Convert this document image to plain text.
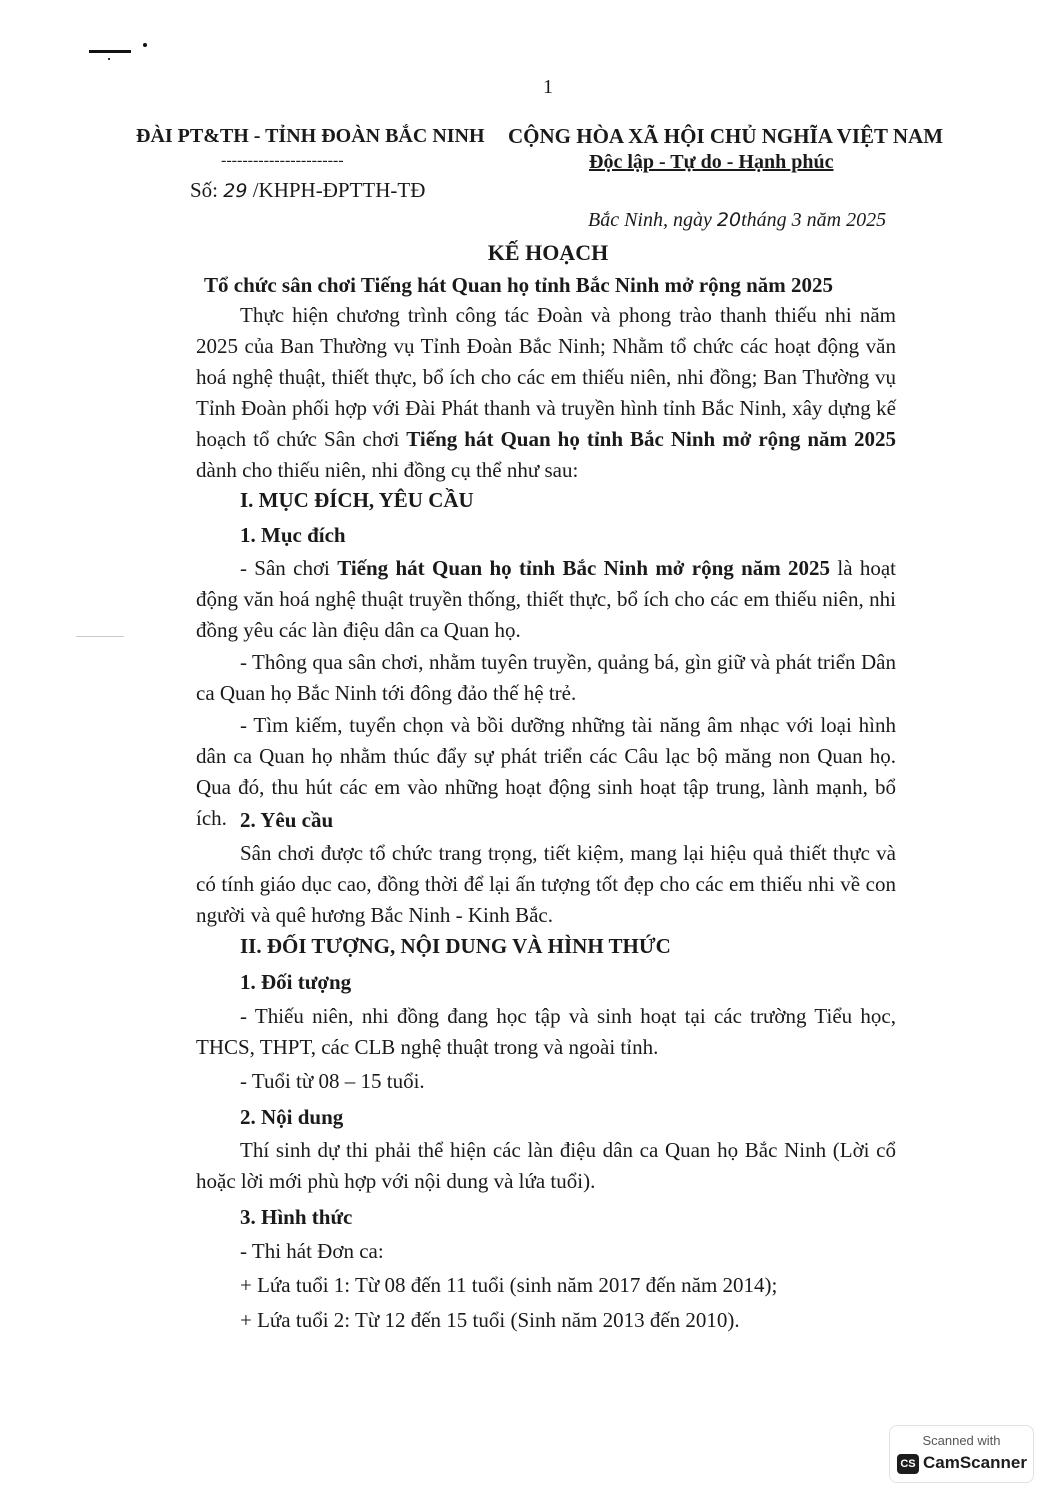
1
ĐÀI PT&TH - TỈNH ĐOÀN BẮC NINH
-----------------------
Số: 29 /KHPH-ĐPTTH-TĐ
CỘNG HÒA XÃ HỘI CHỦ NGHĨA VIỆT NAM
Độc lập - Tự do - Hạnh phúc
Bắc Ninh, ngày 20tháng 3 năm 2025
KẾ HOẠCH
Tổ chức sân chơi Tiếng hát Quan họ tỉnh Bắc Ninh mở rộng năm 2025
Thực hiện chương trình công tác Đoàn và phong trào thanh thiếu nhi năm 2025 của Ban Thường vụ Tỉnh Đoàn Bắc Ninh; Nhằm tổ chức các hoạt động văn hoá nghệ thuật, thiết thực, bổ ích cho các em thiếu niên, nhi đồng; Ban Thường vụ Tỉnh Đoàn phối hợp với Đài Phát thanh và truyền hình tỉnh Bắc Ninh, xây dựng kế hoạch tổ chức Sân chơi Tiếng hát Quan họ tỉnh Bắc Ninh mở rộng năm 2025 dành cho thiếu niên, nhi đồng cụ thể như sau:
I. MỤC ĐÍCH, YÊU CẦU
1. Mục đích
- Sân chơi Tiếng hát Quan họ tỉnh Bắc Ninh mở rộng năm 2025 là hoạt động văn hoá nghệ thuật truyền thống, thiết thực, bổ ích cho các em thiếu niên, nhi đồng yêu các làn điệu dân ca Quan họ.
- Thông qua sân chơi, nhằm tuyên truyền, quảng bá, gìn giữ và phát triển Dân ca Quan họ Bắc Ninh tới đông đảo thế hệ trẻ.
- Tìm kiếm, tuyển chọn và bồi dưỡng những tài năng âm nhạc với loại hình dân ca Quan họ nhằm thúc đẩy sự phát triển các Câu lạc bộ măng non Quan họ. Qua đó, thu hút các em vào những hoạt động sinh hoạt tập trung, lành mạnh, bổ ích. 2. Yêu cầu
Sân chơi được tổ chức trang trọng, tiết kiệm, mang lại hiệu quả thiết thực và có tính giáo dục cao, đồng thời để lại ấn tượng tốt đẹp cho các em thiếu nhi về con người và quê hương Bắc Ninh - Kinh Bắc.
II. ĐỐI TƯỢNG, NỘI DUNG VÀ HÌNH THỨC
1. Đối tượng
- Thiếu niên, nhi đồng đang học tập và sinh hoạt tại các trường Tiểu học, THCS, THPT, các CLB nghệ thuật trong và ngoài tỉnh.
- Tuổi từ 08 – 15 tuổi.
2. Nội dung
Thí sinh dự thi phải thể hiện các làn điệu dân ca Quan họ Bắc Ninh (Lời cổ hoặc lời mới phù hợp với nội dung và lứa tuổi).
3. Hình thức
- Thi hát Đơn ca:
+ Lứa tuổi 1: Từ 08 đến 11 tuổi (sinh năm 2017 đến năm 2014);
+ Lứa tuổi 2: Từ 12 đến 15 tuổi (Sinh năm 2013 đến 2010).
Scanned with
CS CamScanner
